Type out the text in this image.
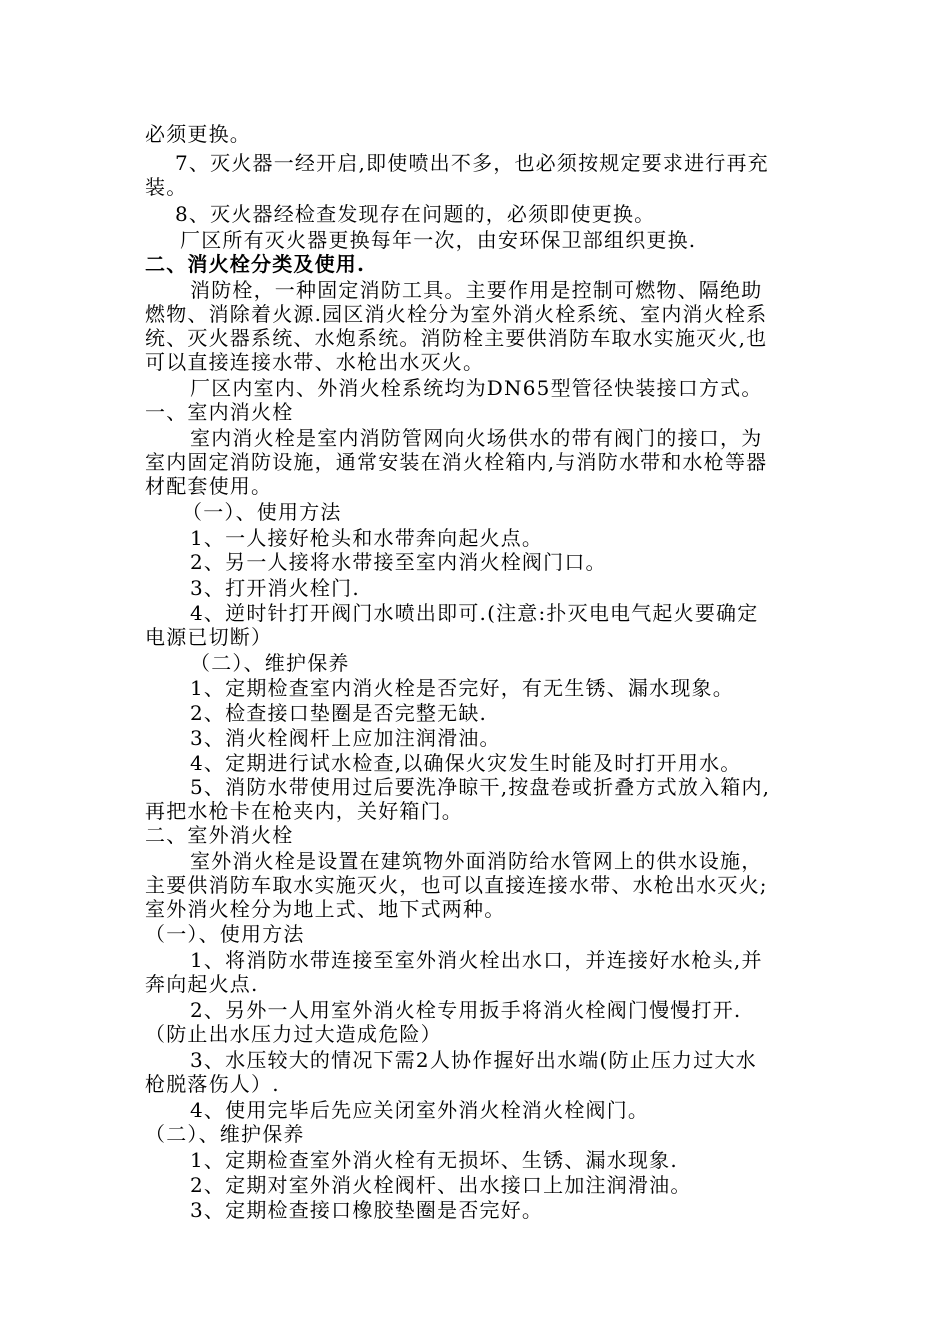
必须更换。
7、灭火器一经开启,即使喷出不多，也必须按规定要求进行再充
装。
8、灭火器经检查发现存在问题的，必须即使更换。
厂区所有灭火器更换每年一次，由安环保卫部组织更换.
二、消火栓分类及使用.
消防栓，一种固定消防工具。主要作用是控制可燃物、隔绝助
燃物、消除着火源.园区消火栓分为室外消火栓系统、室内消火栓系
统、灭火器系统、水炮系统。消防栓主要供消防车取水实施灭火,也
可以直接连接水带、水枪出水灭火。
厂区内室内、外消火栓系统均为DN65型管径快装接口方式。
一、室内消火栓
室内消火栓是室内消防管网向火场供水的带有阀门的接口，为
室内固定消防设施，通常安装在消火栓箱内,与消防水带和水枪等器
材配套使用。
（一）、使用方法
1、一人接好枪头和水带奔向起火点。
2、另一人接将水带接至室内消火栓阀门口。
3、打开消火栓门.
4、逆时针打开阀门水喷出即可.(注意:扑灭电电气起火要确定
电源已切断）
（二）、维护保养
1、定期检查室内消火栓是否完好，有无生锈、漏水现象。
2、检查接口垫圈是否完整无缺.
3、消火栓阀杆上应加注润滑油。
4、定期进行试水检查,以确保火灾发生时能及时打开用水。
5、消防水带使用过后要洗净晾干,按盘卷或折叠方式放入箱内,
再把水枪卡在枪夹内，关好箱门。
二、室外消火栓
室外消火栓是设置在建筑物外面消防给水管网上的供水设施，
主要供消防车取水实施灭火，也可以直接连接水带、水枪出水灭火;
室外消火栓分为地上式、地下式两种。
（一）、使用方法
1、将消防水带连接至室外消火栓出水口，并连接好水枪头,并
奔向起火点.
2、另外一人用室外消火栓专用扳手将消火栓阀门慢慢打开.
（防止出水压力过大造成危险）
3、水压较大的情况下需2人协作握好出水端(防止压力过大水
枪脱落伤人）.
4、使用完毕后先应关闭室外消火栓消火栓阀门。
（二）、维护保养
1、定期检查室外消火栓有无损坏、生锈、漏水现象.
2、定期对室外消火栓阀杆、出水接口上加注润滑油。
3、定期检查接口橡胶垫圈是否完好。
